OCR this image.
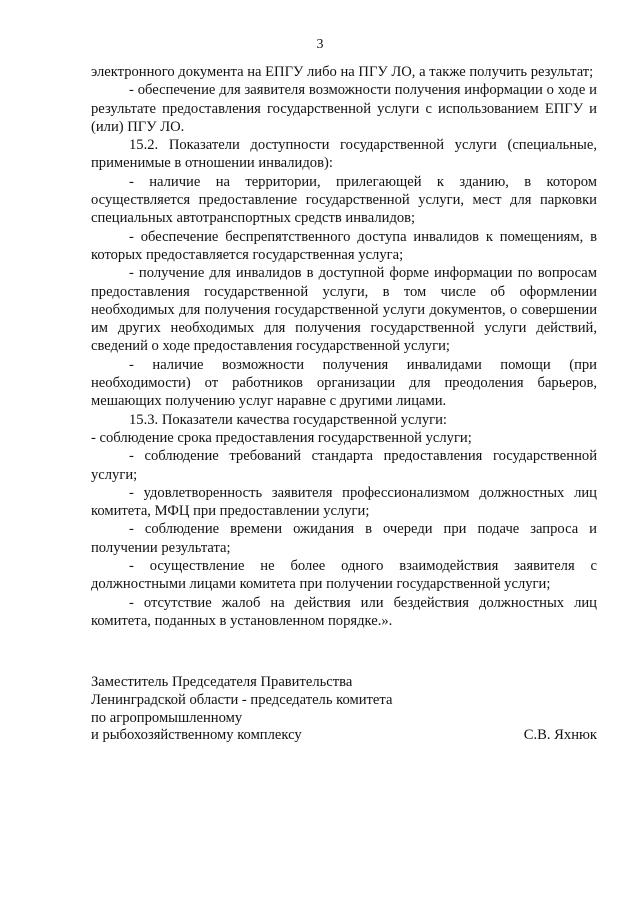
3

электронного документа на ЕПГУ либо на ПГУ ЛО, а также получить результат;

- обеспечение для заявителя возможности получения информации о ходе и результате предоставления государственной услуги с использованием ЕПГУ и (или) ПГУ ЛО.

15.2. Показатели доступности государственной услуги (специальные, применимые в отношении инвалидов):

- наличие на территории, прилегающей к зданию, в котором осуществляется предоставление государственной услуги, мест для парковки специальных автотранспортных средств инвалидов;

- обеспечение беспрепятственного доступа инвалидов к помещениям, в которых предоставляется государственная услуга;

- получение для инвалидов в доступной форме информации по вопросам предоставления государственной услуги, в том числе об оформлении необходимых для получения государственной услуги документов, о совершении им других необходимых для получения государственной услуги действий, сведений о ходе предоставления государственной услуги;

- наличие возможности получения инвалидами помощи (при необходимости) от работников организации для преодоления барьеров, мешающих получению услуг наравне с другими лицами.

15.3. Показатели качества государственной услуги:

- соблюдение срока предоставления государственной услуги;

- соблюдение требований стандарта предоставления государственной услуги;

- удовлетворенность заявителя профессионализмом должностных лиц комитета, МФЦ при предоставлении услуги;

- соблюдение времени ожидания в очереди при подаче запроса и получении результата;

- осуществление не более одного взаимодействия заявителя с должностными лицами комитета при получении государственной услуги;

- отсутствие жалоб на действия или бездействия должностных лиц комитета, поданных в установленном порядке.».

Заместитель Председателя Правительства
Ленинградской области - председатель комитета
по агропромышленному
и рыбохозяйственному комплексу	С.В. Яхнюк
